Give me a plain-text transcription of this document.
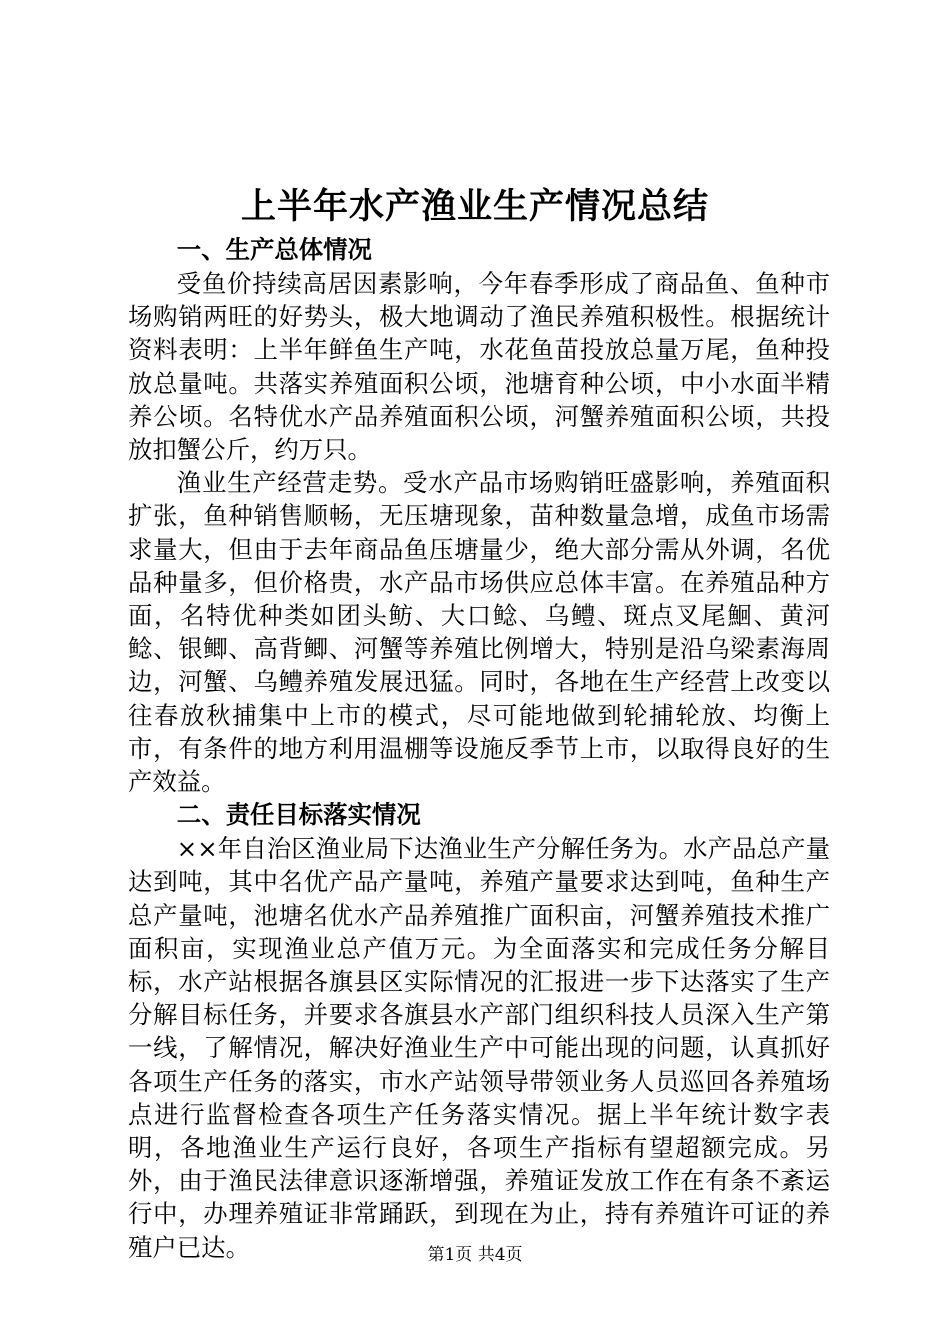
上半年水产渔业生产情况总结
一、生产总体情况

受鱼价持续高居因素影响，今年春季形成了商品鱼、鱼种市场购销两旺的好势头，极大地调动了渔民养殖积极性。根据统计资料表明：上半年鲜鱼生产吨，水花鱼苗投放总量万尾，鱼种投放总量吨。共落实养殖面积公顷，池塘育种公顷，中小水面半精养公顷。名特优水产品养殖面积公顷，河蟹养殖面积公顷，共投放扣蟹公斤，约万只。

渔业生产经营走势。受水产品市场购销旺盛影响，养殖面积扩张，鱼种销售顺畅，无压塘现象，苗种数量急增，成鱼市场需求量大，但由于去年商品鱼压塘量少，绝大部分需从外调，名优品种量多，但价格贵，水产品市场供应总体丰富。在养殖品种方面，名特优种类如团头鲂、大口鲶、乌鳢、斑点叉尾鮰、黄河鲶、银鲫、高背鲫、河蟹等养殖比例增大，特别是沿乌梁素海周边，河蟹、乌鳢养殖发展迅猛。同时，各地在生产经营上改变以往春放秋捕集中上市的模式，尽可能地做到轮捕轮放、均衡上市，有条件的地方利用温棚等设施反季节上市，以取得良好的生产效益。

二、责任目标落实情况

××年自治区渔业局下达渔业生产分解任务为。水产品总产量达到吨，其中名优产品产量吨，养殖产量要求达到吨，鱼种生产总产量吨，池塘名优水产品养殖推广面积亩，河蟹养殖技术推广面积亩，实现渔业总产值万元。为全面落实和完成任务分解目标，水产站根据各旗县区实际情况的汇报进一步下达落实了生产分解目标任务，并要求各旗县水产部门组织科技人员深入生产第一线，了解情况，解决好渔业生产中可能出现的问题，认真抓好各项生产任务的落实，市水产站领导带领业务人员巡回各养殖场点进行监督检查各项生产任务落实情况。据上半年统计数字表明，各地渔业生产运行良好，各项生产指标有望超额完成。另外，由于渔民法律意识逐渐增强，养殖证发放工作在有条不紊运行中，办理养殖证非常踊跃，到现在为止，持有养殖许可证的养殖户已达。	第1页 共4页
